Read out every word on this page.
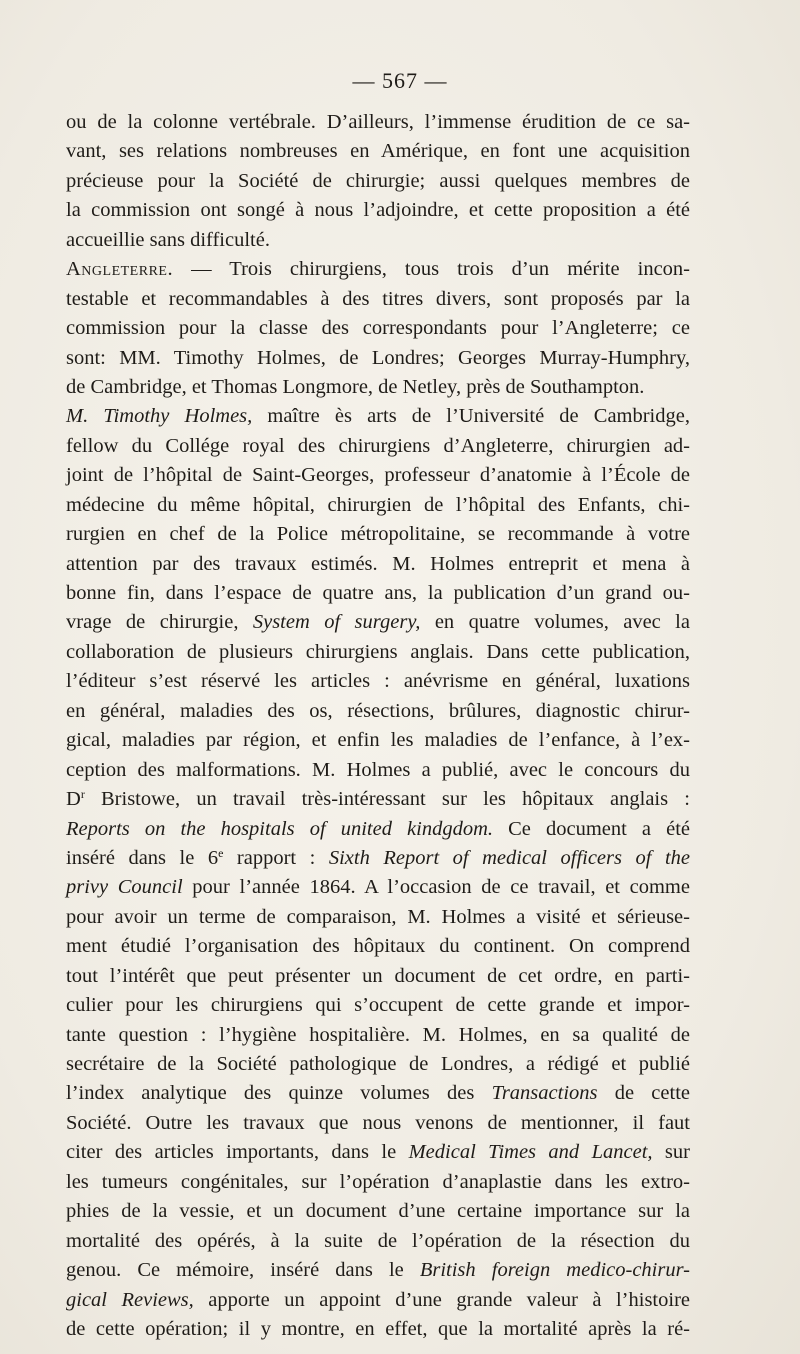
— 567 —
ou de la colonne vertébrale. D’ailleurs, l’immense érudition de ce sa-
vant, ses relations nombreuses en Amérique, en font une acquisition
précieuse pour la Société de chirurgie; aussi quelques membres de
la commission ont songé à nous l’adjoindre, et cette proposition a été
accueillie sans difficulté.
Angleterre. — Trois chirurgiens, tous trois d’un mérite incon-
testable et recommandables à des titres divers, sont proposés par la
commission pour la classe des correspondants pour l’Angleterre; ce
sont: MM. Timothy Holmes, de Londres; Georges Murray-Humphry,
de Cambridge, et Thomas Longmore, de Netley, près de Southampton.
M. Timothy Holmes, maître ès arts de l’Université de Cambridge,
fellow du Collége royal des chirurgiens d’Angleterre, chirurgien ad-
joint de l’hôpital de Saint-Georges, professeur d’anatomie à l’École de
médecine du même hôpital, chirurgien de l’hôpital des Enfants, chi-
rurgien en chef de la Police métropolitaine, se recommande à votre
attention par des travaux estimés. M. Holmes entreprit et mena à
bonne fin, dans l’espace de quatre ans, la publication d’un grand ou-
vrage de chirurgie, System of surgery, en quatre volumes, avec la
collaboration de plusieurs chirurgiens anglais. Dans cette publication,
l’éditeur s’est réservé les articles : anévrisme en général, luxations
en général, maladies des os, résections, brûlures, diagnostic chirur-
gical, maladies par région, et enfin les maladies de l’enfance, à l’ex-
ception des malformations. M. Holmes a publié, avec le concours du
$D^r$ Bristowe, un travail très-intéressant sur les hôpitaux anglais :
Reports on the hospitals of united kindgdom. Ce document a été
inséré dans le 6e rapport : Sixth Report of medical officers of the
privy Council pour l’année 1864. A l’occasion de ce travail, et comme
pour avoir un terme de comparaison, M. Holmes a visité et sérieuse-
ment étudié l’organisation des hôpitaux du continent. On comprend
tout l’intérêt que peut présenter un document de cet ordre, en parti-
culier pour les chirurgiens qui s’occupent de cette grande et impor-
tante question : l’hygiène hospitalière. M. Holmes, en sa qualité de
secrétaire de la Société pathologique de Londres, a rédigé et publié
l’index analytique des quinze volumes des Transactions de cette
Société. Outre les travaux que nous venons de mentionner, il faut
citer des articles importants, dans le Medical Times and Lancet, sur
les tumeurs congénitales, sur l’opération d’anaplastie dans les extro-
phies de la vessie, et un document d’une certaine importance sur la
mortalité des opérés, à la suite de l’opération de la résection du
genou. Ce mémoire, inséré dans le British foreign medico-chirur-
gical Reviews, apporte un appoint d’une grande valeur à l’histoire
de cette opération; il y montre, en effet, que la mortalité après la ré-
